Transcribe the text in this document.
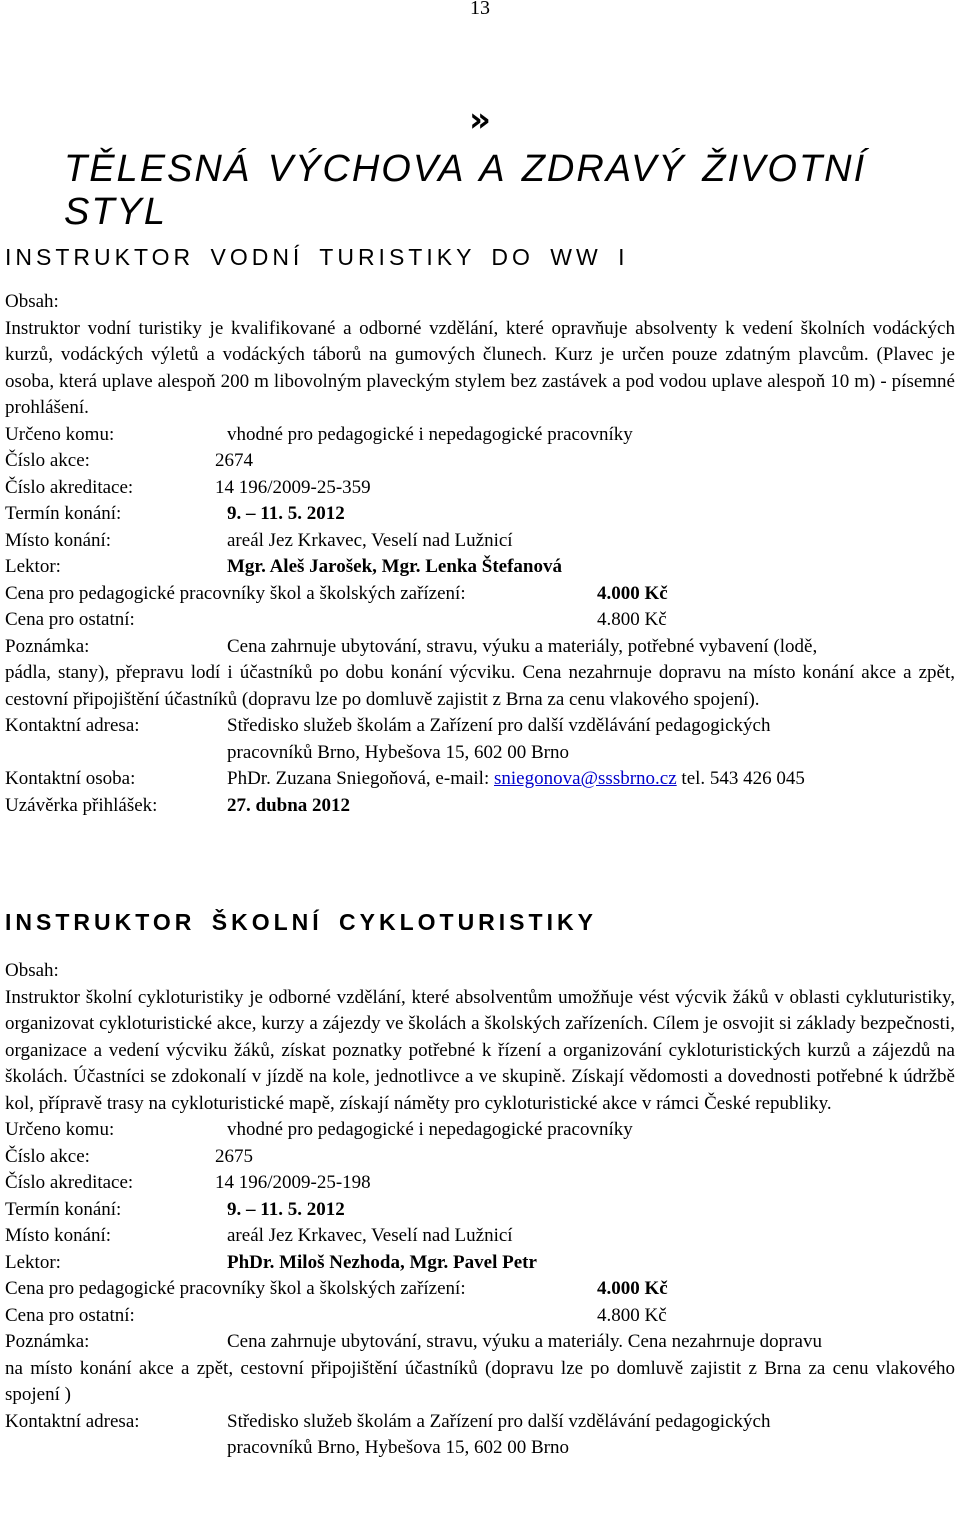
13
»
TĚLESNÁ VÝCHOVA A ZDRAVÝ ŽIVOTNÍ STYL
INSTRUKTOR VODNÍ TURISTIKY DO WW I

Obsah:

Instruktor vodní turistiky je kvalifikované a odborné vzdělání, které opravňuje absolventy k vedení školních vodáckých kurzů, vodáckých výletů a vodáckých táborů na gumových člunech. Kurz je určen pouze zdatným plavcům. (Plavec je osoba, která uplave alespoň 200 m libovolným plaveckým stylem bez zastávek a pod vodou uplave alespoň 10 m) - písemné prohlášení.

Určeno komu:	vhodné pro pedagogické i nepedagogické pracovníky
Číslo akce:	2674
Číslo akreditace:	14 196/2009-25-359
Termín konání:	9. – 11. 5. 2012
Místo konání:	areál Jez Krkavec, Veselí nad Lužnicí
Lektor:	Mgr. Aleš Jarošek, Mgr. Lenka Štefanová
Cena pro pedagogické pracovníky škol a školských zařízení:	4.000 Kč
Cena pro ostatní:	4.800 Kč
Poznámka:	Cena zahrnuje ubytování, stravu, výuku a materiály, potřebné vybavení (lodě,

pádla, stany), přepravu lodí i účastníků po dobu konání výcviku. Cena nezahrnuje dopravu na místo konání akce a zpět, cestovní připojištění účastníků (dopravu lze po domluvě zajistit z Brna za cenu vlakového spojení).

Kontaktní adresa:	Středisko služeb školám a Zařízení pro další vzdělávání pedagogických
pracovníků Brno, Hybešova 15, 602 00 Brno
Kontaktní osoba:	PhDr. Zuzana Sniegoňová, e-mail: sniegonova@sssbrno.cz tel. 543 426 045
Uzávěrka přihlášek:	27. dubna 2012
INSTRUKTOR ŠKOLNÍ CYKLOTURISTIKY

Obsah:

Instruktor školní cykloturistiky je odborné vzdělání, které absolventům umožňuje vést výcvik žáků v oblasti cykluturistiky, organizovat cykloturistické akce, kurzy a zájezdy ve školách a školských zařízeních. Cílem je osvojit si základy bezpečnosti, organizace a vedení výcviku žáků, získat poznatky potřebné k řízení a organizování cykloturistických kurzů a zájezdů na školách. Účastníci se zdokonalí v jízdě na kole, jednotlivce a ve skupině. Získají vědomosti a dovednosti potřebné k údržbě kol, přípravě trasy na cykloturistické mapě, získají náměty pro cykloturistické akce v rámci České republiky.

Určeno komu:	vhodné pro pedagogické i nepedagogické pracovníky
Číslo akce:	2675
Číslo akreditace:	14 196/2009-25-198
Termín konání:	9. – 11. 5. 2012
Místo konání:	areál Jez Krkavec, Veselí nad Lužnicí
Lektor:	PhDr. Miloš Nezhoda, Mgr. Pavel Petr
Cena pro pedagogické pracovníky škol a školských zařízení:	4.000 Kč
Cena pro ostatní:	4.800 Kč
Poznámka:	Cena zahrnuje ubytování, stravu, výuku a materiály. Cena nezahrnuje dopravu

na místo konání akce a zpět, cestovní připojištění účastníků (dopravu lze po domluvě zajistit z Brna za cenu vlakového spojení )

Kontaktní adresa:	Středisko služeb školám a Zařízení pro další vzdělávání pedagogických
pracovníků Brno, Hybešova 15, 602 00 Brno
